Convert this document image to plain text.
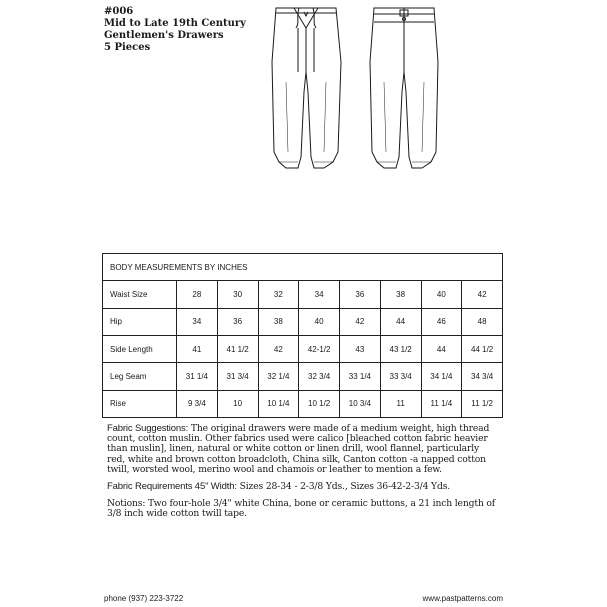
#006
Mid to Late 19th Century
Gentlemen's Drawers
5 Pieces
BODY MEASUREMENTS BY INCHES								
Waist Size	28	30	32	34	36	38	40	42
Hip	34	36	38	40	42	44	46	48
Side Length	41	41 1/2	42	42-1/2	43	43 1/2	44	44 1/2
Leg Seam	31 1/4	31 3/4	32 1/4	32 3/4	33 1/4	33 3/4	34 1/4	34 3/4
Rise	9 3/4	10	10 1/4	10 1/2	10 3/4	11	11 1/4	11 1/2

Fabric Suggestions: The original drawers were made of a medium weight, high thread count, cotton muslin. Other fabrics used were calico [bleached cotton fabric heavier than muslin], linen, natural or white cotton or linen drill, wool flannel, particularly red, white and brown cotton broadcloth, China silk, Canton cotton -a napped cotton twill, worsted wool, merino wool and chamois or leather to mention a few.

Fabric Requirements 45" Width: Sizes 28-34 - 2-3/8 Yds., Sizes 36-42-2-3/4 Yds.

Notions: Two four-hole 3/4" white China, bone or ceramic buttons, a 21 inch length of 3/8 inch wide cotton twill tape.

phone (937) 223-3722	www.pastpatterns.com
